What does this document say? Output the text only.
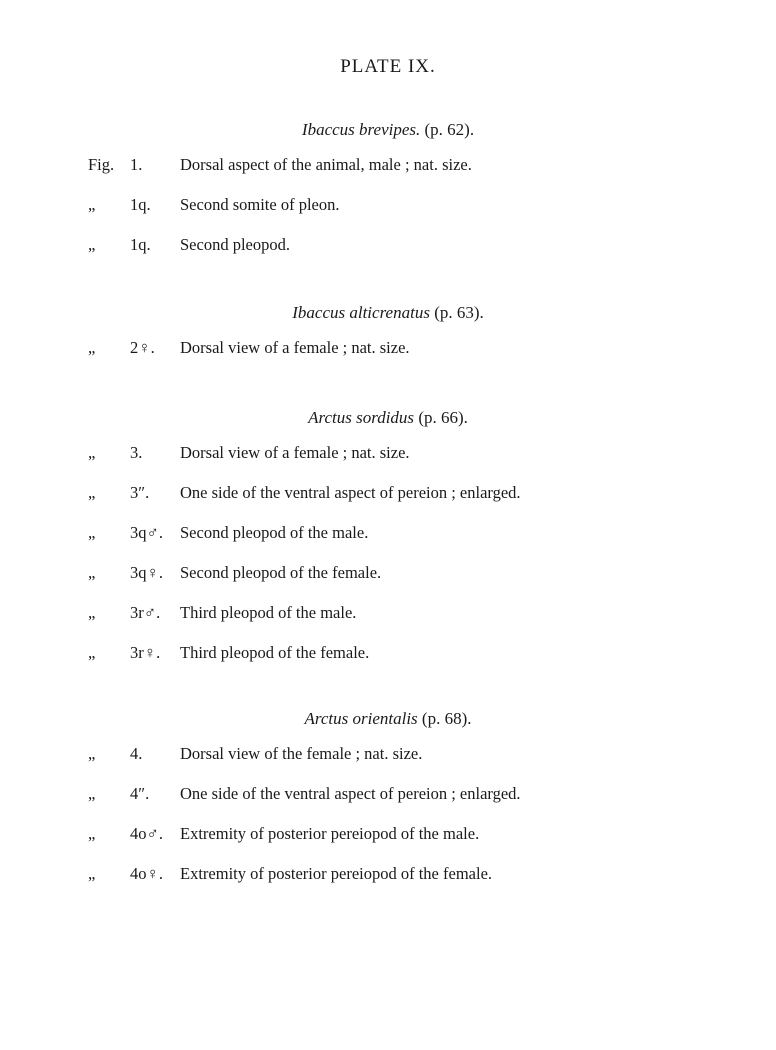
PLATE IX.
Ibaccus brevipes. (p. 62).
Fig. 1.	Dorsal aspect of the animal, male ; nat. size.
„	1q.	Second somite of pleon.
„	1q.	Second pleopod.
Ibaccus alticrenatus (p. 63).
„	2♀.	Dorsal view of a female ; nat. size.
Arctus sordidus (p. 66).
„	3.	Dorsal view of a female ; nat. size.
„	3″.	One side of the ventral aspect of pereion ; enlarged.
„	3q♂.	Second pleopod of the male.
„	3q♀.	Second pleopod of the female.
„	3r♂.	Third pleopod of the male.
„	3r♀.	Third pleopod of the female.
Arctus orientalis (p. 68).
„	4.	Dorsal view of the female ; nat. size.
„	4″.	One side of the ventral aspect of pereion ; enlarged.
„	4o♂.	Extremity of posterior pereiopod of the male.
„	4o♀.	Extremity of posterior pereiopod of the female.
